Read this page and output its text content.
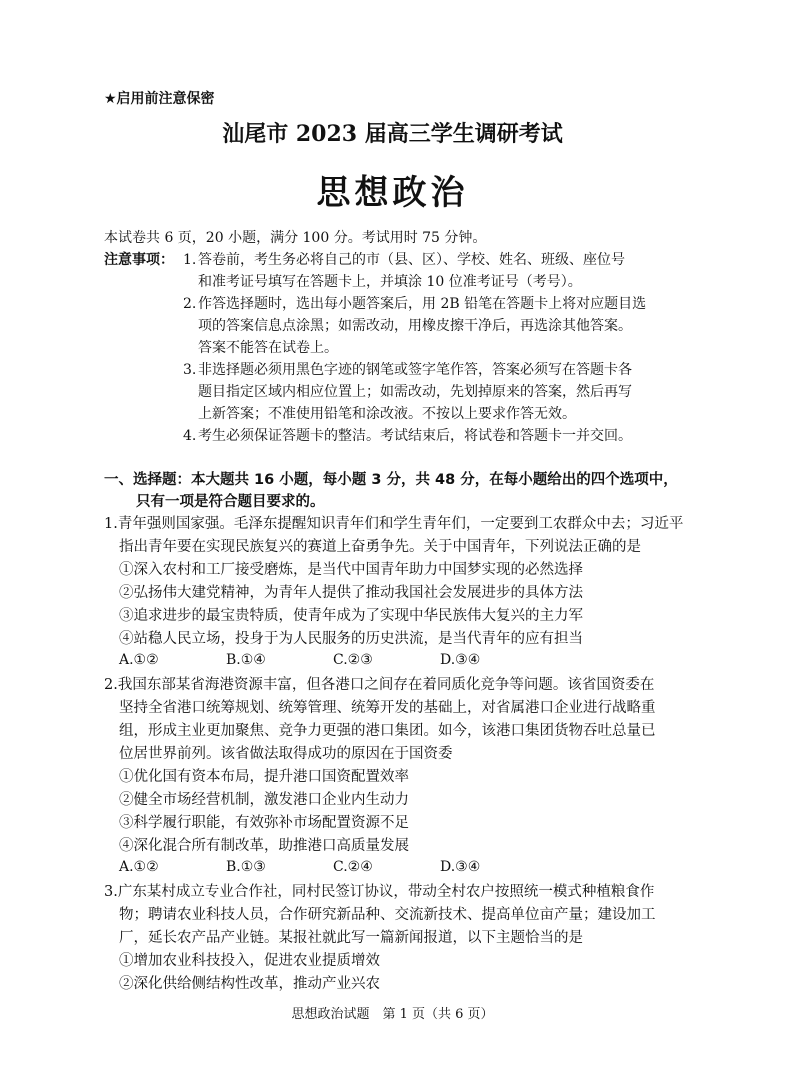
★启用前注意保密
汕尾市 2023 届高三学生调研考试
思想政治
本试卷共 6 页，20 小题，满分 100 分。考试用时 75 分钟。
注意事项： 1. 答卷前，考生务必将自己的市（县、区）、学校、姓名、班级、座位号
和准考证号填写在答题卡上，并填涂 10 位准考证号（考号）。
2. 作答选择题时，选出每小题答案后，用 2B 铅笔在答题卡上将对应题目选
项的答案信息点涂黑；如需改动，用橡皮擦干净后，再选涂其他答案。
答案不能答在试卷上。
3. 非选择题必须用黑色字迹的钢笔或签字笔作答，答案必须写在答题卡各
题目指定区域内相应位置上；如需改动，先划掉原来的答案，然后再写
上新答案；不准使用铅笔和涂改液。不按以上要求作答无效。
4. 考生必须保证答题卡的整洁。考试结束后，将试卷和答题卡一并交回。
一、选择题：本大题共 16 小题，每小题 3 分，共 48 分，在每小题给出的四个选项中，
只有一项是符合题目要求的。
1.青年强则国家强。毛泽东提醒知识青年们和学生青年们，一定要到工农群众中去；习近平
指出青年要在实现民族复兴的赛道上奋勇争先。关于中国青年，下列说法正确的是
①深入农村和工厂接受磨炼，是当代中国青年助力中国梦实现的必然选择
②弘扬伟大建党精神，为青年人提供了推动我国社会发展进步的具体方法
③追求进步的最宝贵特质，使青年成为了实现中华民族伟大复兴的主力军
④站稳人民立场，投身于为人民服务的历史洪流，是当代青年的应有担当
A.①②	B.①④	C.②③	D.③④
2.我国东部某省海港资源丰富，但各港口之间存在着同质化竞争等问题。该省国资委在
坚持全省港口统筹规划、统筹管理、统筹开发的基础上，对省属港口企业进行战略重
组，形成主业更加聚焦、竞争力更强的港口集团。如今，该港口集团货物吞吐总量已
位居世界前列。该省做法取得成功的原因在于国资委
①优化国有资本布局，提升港口国资配置效率
②健全市场经营机制，激发港口企业内生动力
③科学履行职能，有效弥补市场配置资源不足
④深化混合所有制改革，助推港口高质量发展
A.①②	B.①③	C.②④	D.③④
3.广东某村成立专业合作社，同村民签订协议，带动全村农户按照统一模式种植粮食作
物；聘请农业科技人员，合作研究新品种、交流新技术、提高单位亩产量；建设加工
厂，延长农产品产业链。某报社就此写一篇新闻报道，以下主题恰当的是
①增加农业科技投入，促进农业提质增效
②深化供给侧结构性改革，推动产业兴农
思想政治试题　第 1 页（共 6 页）
